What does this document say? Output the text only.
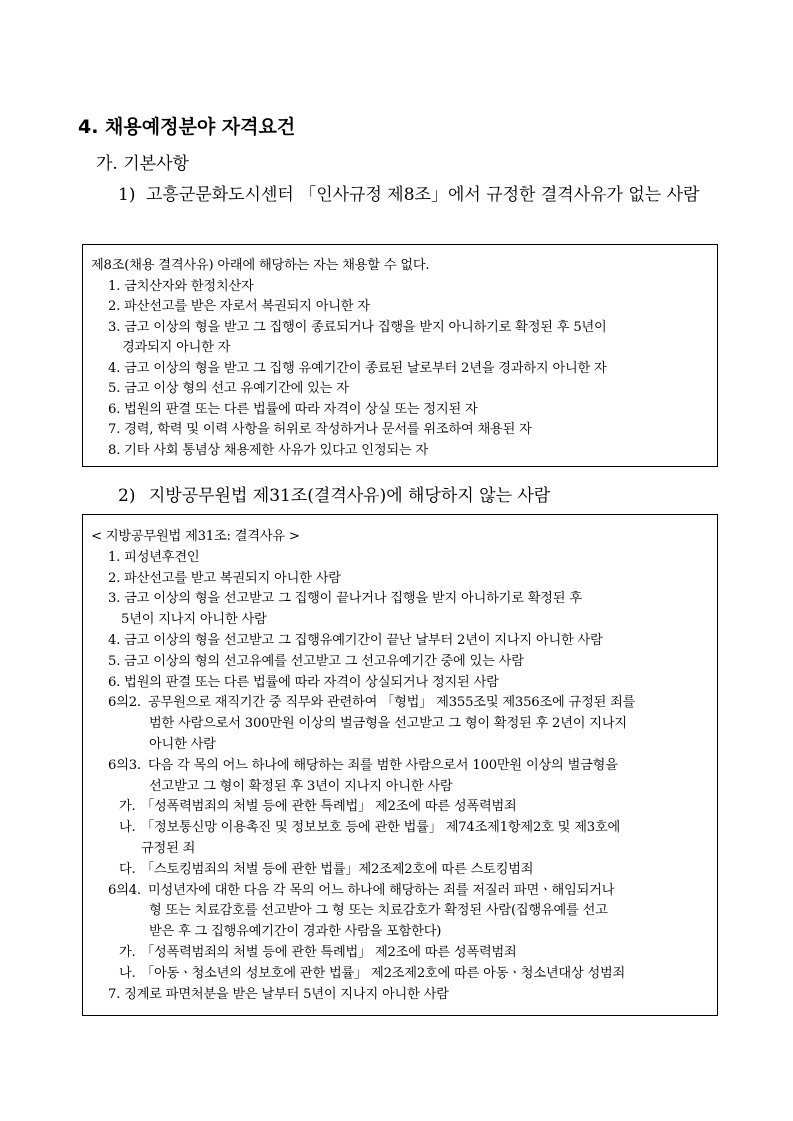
4. 채용예정분야 자격요건
가. 기본사항
1) 고흥군문화도시센터 「인사규정 제8조」에서 규정한 결격사유가 없는 사람
제8조(채용 결격사유) 아래에 해당하는 자는 채용할 수 없다.
1. 금치산자와 한정치산자
2. 파산선고를 받은 자로서 복권되지 아니한 자
3. 금고 이상의 형을 받고 그 집행이 종료되거나 집행을 받지 아니하기로 확정된 후 5년이
경과되지 아니한 자
4. 금고 이상의 형을 받고 그 집행 유예기간이 종료된 날로부터 2년을 경과하지 아니한 자
5. 금고 이상 형의 선고 유예기간에 있는 자
6. 법원의 판결 또는 다른 법률에 따라 자격이 상실 또는 정지된 자
7. 경력, 학력 및 이력 사항을 허위로 작성하거나 문서를 위조하여 채용된 자
8. 기타 사회 통념상 채용제한 사유가 있다고 인정되는 자
2) 지방공무원법 제31조(결격사유)에 해당하지 않는 사람
< 지방공무원법 제31조: 결격사유 >
1. 피성년후견인
2. 파산선고를 받고 복권되지 아니한 사람
3. 금고 이상의 형을 선고받고 그 집행이 끝나거나 집행을 받지 아니하기로 확정된 후
5년이 지나지 아니한 사람
4. 금고 이상의 형을 선고받고 그 집행유예기간이 끝난 날부터 2년이 지나지 아니한 사람
5. 금고 이상의 형의 선고유예를 선고받고 그 선고유예기간 중에 있는 사람
6. 법원의 판결 또는 다른 법률에 따라 자격이 상실되거나 정지된 사람
6의2. 공무원으로 재직기간 중 직무와 관련하여 「형법」 제355조및 제356조에 규정된 죄를
범한 사람으로서 300만원 이상의 벌금형을 선고받고 그 형이 확정된 후 2년이 지나지
아니한 사람
6의3. 다음 각 목의 어느 하나에 해당하는 죄를 범한 사람으로서 100만원 이상의 벌금형을
선고받고 그 형이 확정된 후 3년이 지나지 아니한 사람
가. 「성폭력범죄의 처벌 등에 관한 특례법」 제2조에 따른 성폭력범죄
나. 「정보통신망 이용촉진 및 정보보호 등에 관한 법률」 제74조제1항제2호 및 제3호에
규정된 죄
다. 「스토킹범죄의 처벌 등에 관한 법률」제2조제2호에 따른 스토킹범죄
6의4. 미성년자에 대한 다음 각 목의 어느 하나에 해당하는 죄를 저질러 파면ㆍ해임되거나
형 또는 치료감호를 선고받아 그 형 또는 치료감호가 확정된 사람(집행유예를 선고
받은 후 그 집행유예기간이 경과한 사람을 포함한다)
가. 「성폭력범죄의 처벌 등에 관한 특례법」 제2조에 따른 성폭력범죄
나. 「아동ㆍ청소년의 성보호에 관한 법률」 제2조제2호에 따른 아동ㆍ청소년대상 성범죄
7. 징계로 파면처분을 받은 날부터 5년이 지나지 아니한 사람
